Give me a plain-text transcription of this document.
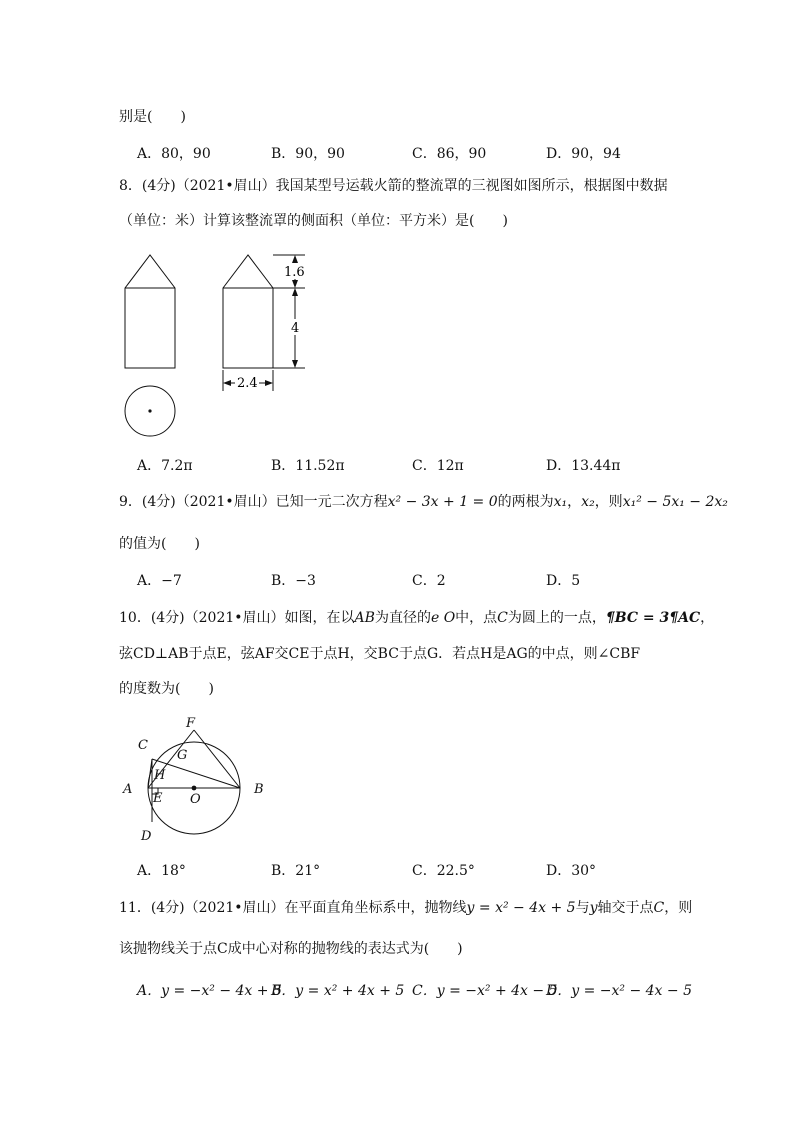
别是(　　)
A．80，90	B．90，90	C．86，90	D．90，94
8．(4分)（2021•眉山）我国某型号运载火箭的整流罩的三视图如图所示，根据图中数据
（单位：米）计算该整流罩的侧面积（单位：平方米）是(　　)
1.6
4
2.4
A．7.2π	B．11.52π	C．12π	D．13.44π
9．(4分)（2021•眉山）已知一元二次方程x² − 3x + 1 = 0的两根为x₁，x₂，则x₁² − 5x₁ − 2x₂
的值为(　　)
A．−7	B．−3	C．2	D．5
10．(4分)（2021•眉山）如图，在以AB为直径的e O中，点C为圆上的一点，¶BC = 3¶AC，
弦CD⊥AB于点E，弦AF交CE于点H，交BC于点G．若点H是AG的中点，则∠CBF
的度数为(　　)
A	B
C
D
E
F
G
H
O
A．18°	B．21°	C．22.5°	D．30°
11．(4分)（2021•眉山）在平面直角坐标系中，抛物线y = x² − 4x + 5与y轴交于点C，则
该抛物线关于点C成中心对称的抛物线的表达式为(　　)
A．y = −x² − 4x + 5
B．y = x² + 4x + 5 C．y = −x² + 4x − 5
D．y = −x² − 4x − 5
